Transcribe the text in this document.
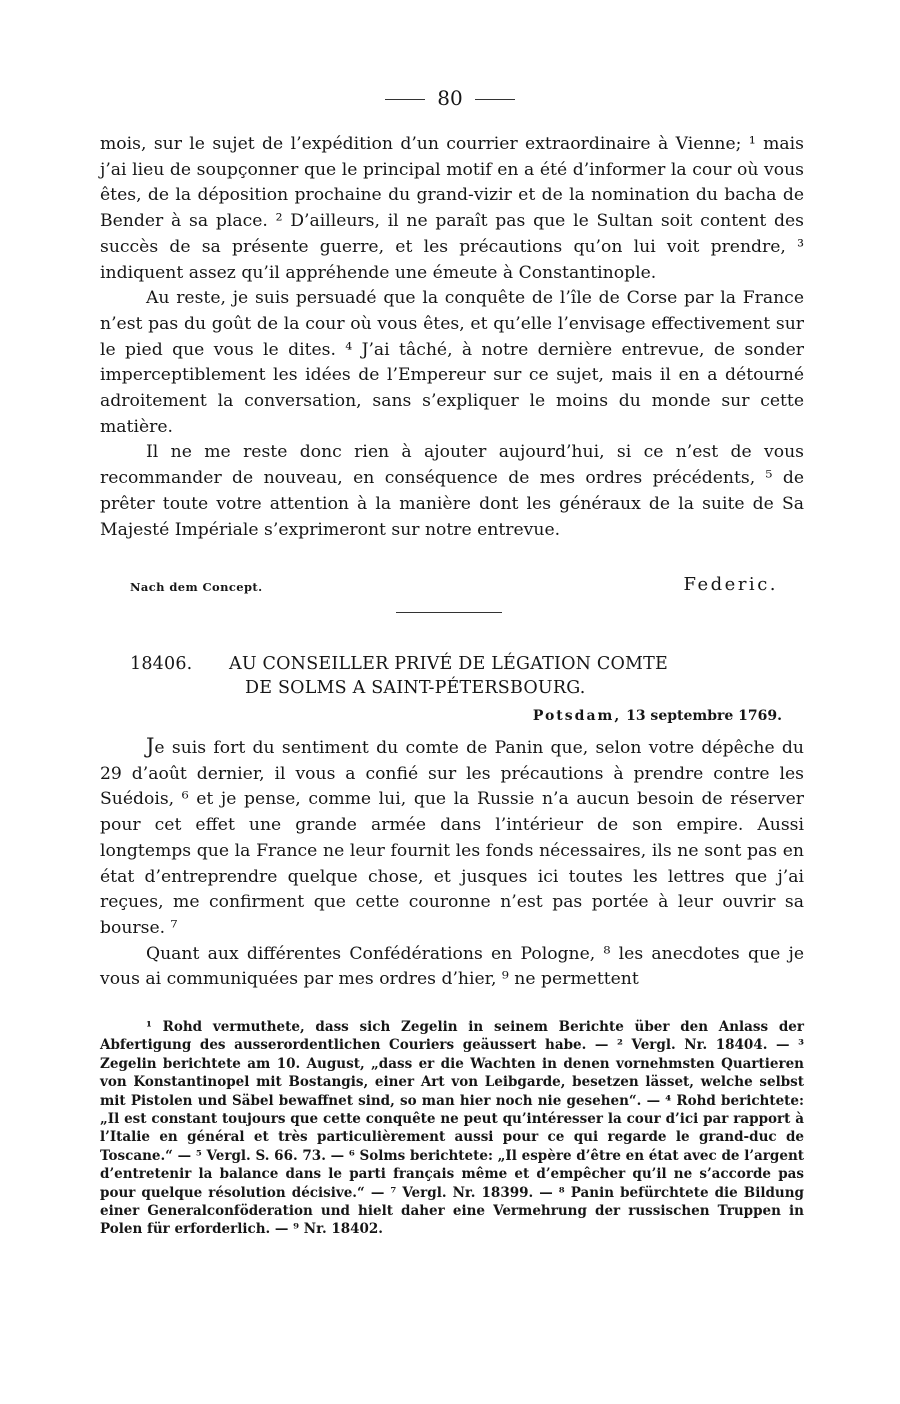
80

mois, sur le sujet de l’expédition d’un courrier extraordinaire à Vienne; ¹ mais j’ai lieu de soupçonner que le principal motif en a été d’informer la cour où vous êtes, de la déposition prochaine du grand-vizir et de la nomination du bacha de Bender à sa place. ² D’ailleurs, il ne paraît pas que le Sultan soit content des succès de sa présente guerre, et les précautions qu’on lui voit prendre, ³ indiquent assez qu’il appréhende une émeute à Constantinople.

Au reste, je suis persuadé que la conquête de l’île de Corse par la France n’est pas du goût de la cour où vous êtes, et qu’elle l’envisage effectivement sur le pied que vous le dites. ⁴ J’ai tâché, à notre dernière entrevue, de sonder imperceptiblement les idées de l’Empereur sur ce sujet, mais il en a détourné adroitement la conversation, sans s’expliquer le moins du monde sur cette matière.

Il ne me reste donc rien à ajouter aujourd’hui, si ce n’est de vous recommander de nouveau, en conséquence de mes ordres précédents, ⁵ de prêter toute votre attention à la manière dont les généraux de la suite de Sa Majesté Impériale s’exprimeront sur notre entrevue.

Nach dem Concept.	Federic.
18406. AU CONSEILLER PRIVÉ DE LÉGATION COMTE
DE SOLMS A SAINT-PÉTERSBOURG.
Potsdam, 13 septembre 1769.

Je suis fort du sentiment du comte de Panin que, selon votre dépêche du 29 d’août dernier, il vous a confié sur les précautions à prendre contre les Suédois, ⁶ et je pense, comme lui, que la Russie n’a aucun besoin de réserver pour cet effet une grande armée dans l’intérieur de son empire. Aussi longtemps que la France ne leur fournit les fonds nécessaires, ils ne sont pas en état d’entreprendre quelque chose, et jusques ici toutes les lettres que j’ai reçues, me confirment que cette couronne n’est pas portée à leur ouvrir sa bourse. ⁷

Quant aux différentes Confédérations en Pologne, ⁸ les anecdotes que je vous ai communiquées par mes ordres d’hier, ⁹ ne permettent

¹ Rohd vermuthete, dass sich Zegelin in seinem Berichte über den Anlass der Abfertigung des ausserordentlichen Couriers geäussert habe. — ² Vergl. Nr. 18404. — ³ Zegelin berichtete am 10. August, „dass er die Wachten in denen vornehmsten Quartieren von Konstantinopel mit Bostangis, einer Art von Leibgarde, besetzen lässet, welche selbst mit Pistolen und Säbel bewaffnet sind, so man hier noch nie gesehen“. — ⁴ Rohd berichtete: „Il est constant toujours que cette conquête ne peut qu’intéresser la cour d’ici par rapport à l’Italie en général et très particulièrement aussi pour ce qui regarde le grand-duc de Toscane.“ — ⁵ Vergl. S. 66. 73. — ⁶ Solms berichtete: „Il espère d’être en état avec de l’argent d’entretenir la balance dans le parti français même et d’empêcher qu’il ne s’accorde pas pour quelque résolution décisive.“ — ⁷ Vergl. Nr. 18399. — ⁸ Panin befürchtete die Bildung einer Generalconföderation und hielt daher eine Vermehrung der russischen Truppen in Polen für erforderlich. — ⁹ Nr. 18402.
